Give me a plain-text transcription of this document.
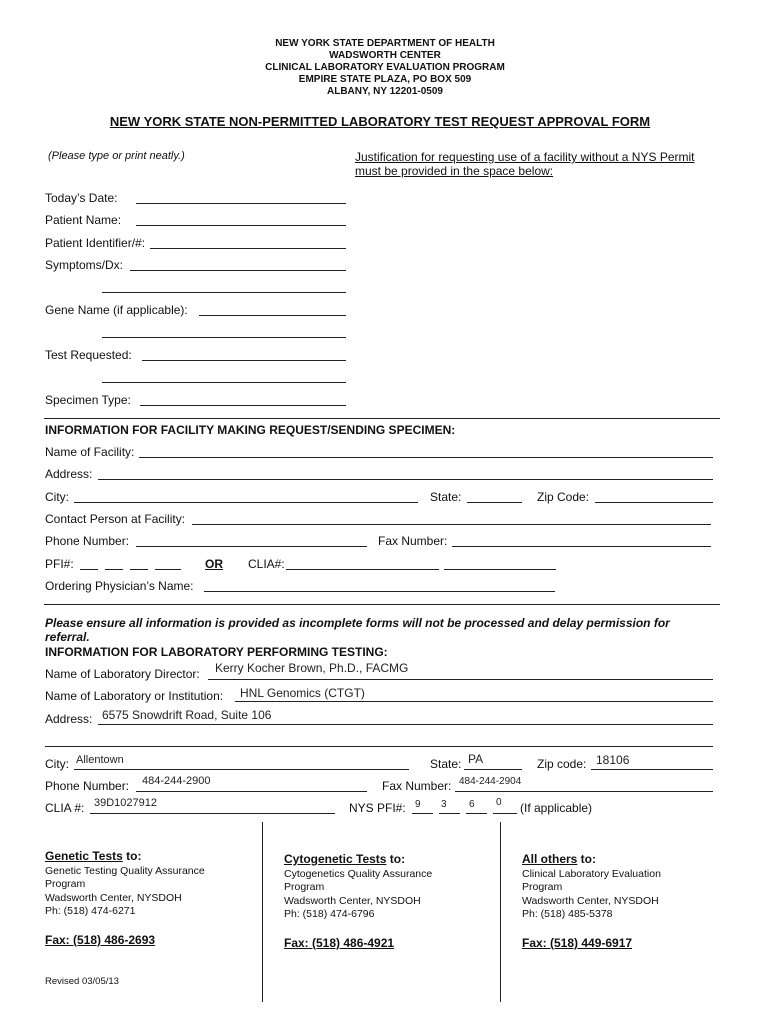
NEW YORK STATE DEPARTMENT OF HEALTH
WADSWORTH CENTER
CLINICAL LABORATORY EVALUATION PROGRAM
EMPIRE STATE PLAZA, PO BOX 509
ALBANY, NY 12201-0509
NEW YORK STATE NON-PERMITTED LABORATORY TEST REQUEST APPROVAL FORM
(Please type or print neatly.)	Justification for requesting use of a facility without a NYS Permit
must be provided in the space below:
Today’s Date:
Patient Name:
Patient Identifier/#:
Symptoms/Dx:
Gene Name (if applicable):
Test Requested:
Specimen Type:
INFORMATION FOR FACILITY MAKING REQUEST/SENDING SPECIMEN:
Name of Facility:
Address:
City:	State:	Zip Code:
Contact Person at Facility:
Phone Number:	Fax Number:
PFI#:	OR CLIA#:
Ordering Physician’s Name:
Please ensure all information is provided as incomplete forms will not be processed and delay permission for
referral.
INFORMATION FOR LABORATORY PERFORMING TESTING:
Name of Laboratory Director: Kerry Kocher Brown, Ph.D., FACMG
Name of Laboratory or Institution: HNL Genomics (CTGT)
Address: 6575 Snowdrift Road, Suite 106
City: Allentown	State: PA	Zip code: 18106
Phone Number: 484-244-2900	Fax Number: 484-244-2904
CLIA #: 39D1027912	NYS PFI#: 9 3 6 0 (If applicable)
Genetic Tests to:
Genetic Testing Quality Assurance
Program
Wadsworth Center, NYSDOH
Ph: (518) 474-6271
Fax: (518) 486-2693
Cytogenetic Tests to:
Cytogenetics Quality Assurance
Program
Wadsworth Center, NYSDOH
Ph: (518) 474-6796
Fax: (518) 486-4921
All others to:
Clinical Laboratory Evaluation
Program
Wadsworth Center, NYSDOH
Ph: (518) 485-5378
Fax: (518) 449-6917
Revised 03/05/13
